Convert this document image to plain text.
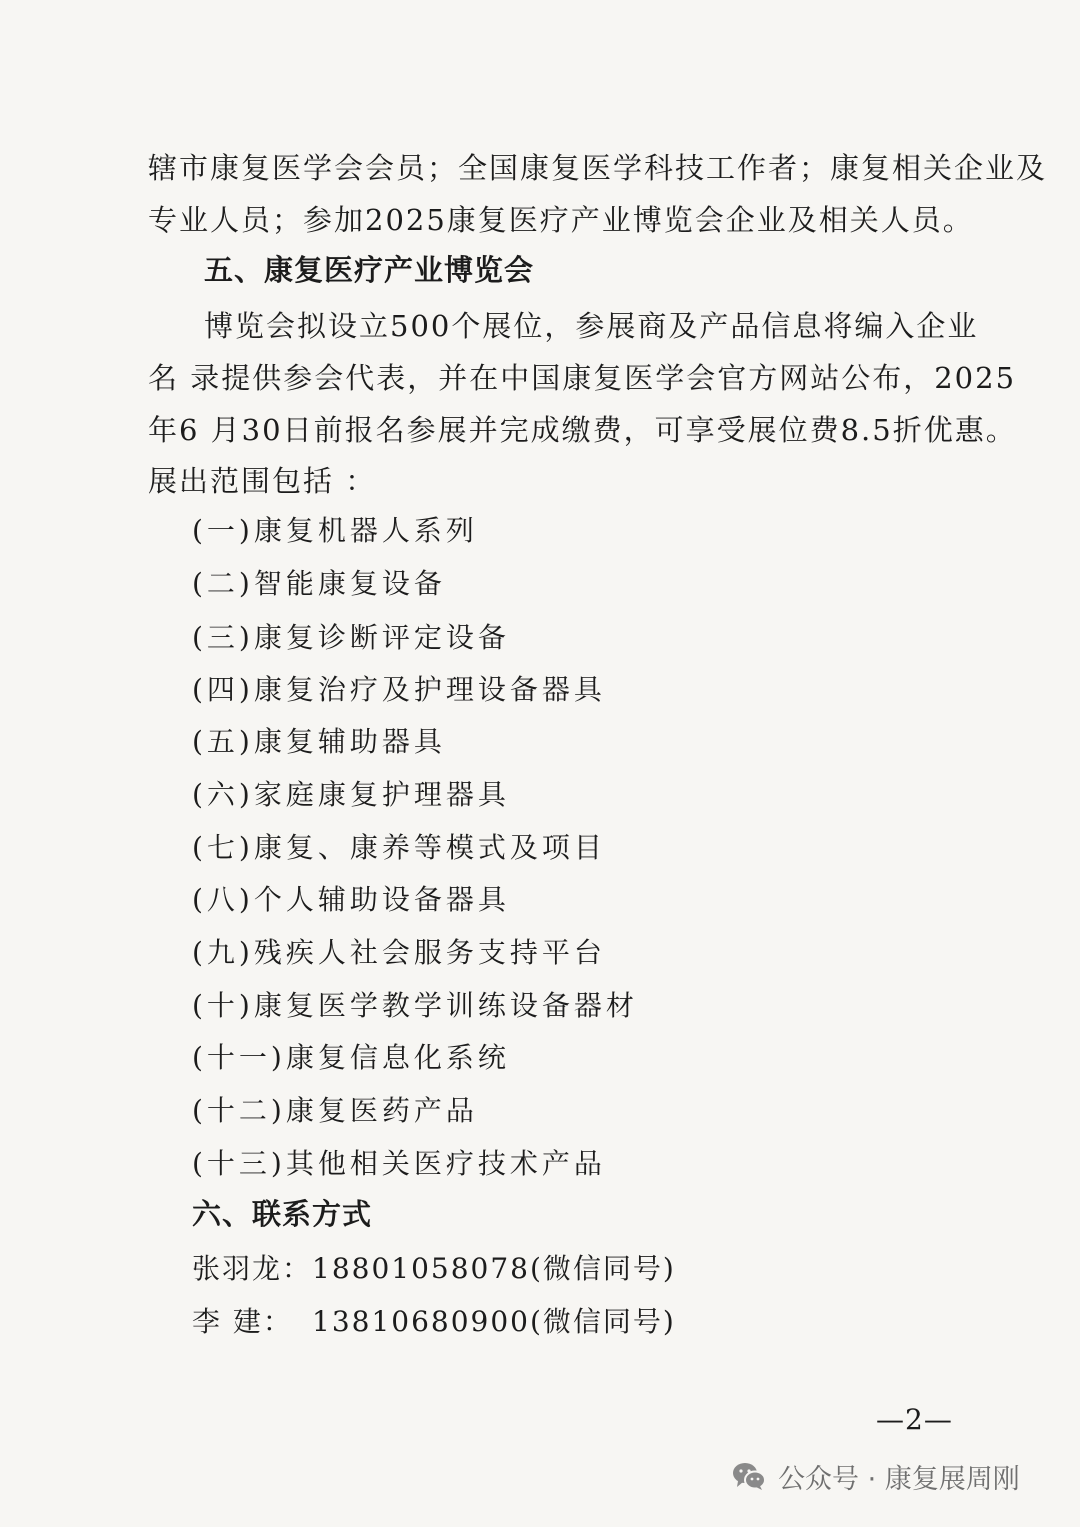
辖市康复医学会会员；全国康复医学科技工作者；康复相关企业及
专业人员；参加2025康复医疗产业博览会企业及相关人员。
五、康复医疗产业博览会
博览会拟设立500个展位，参展商及产品信息将编入企业
名 录提供参会代表，并在中国康复医学会官方网站公布，2025
年6 月30日前报名参展并完成缴费，可享受展位费8.5折优惠。
展出范围包括 ：
(一)康复机器人系列
(二)智能康复设备
(三)康复诊断评定设备
(四)康复治疗及护理设备器具
(五)康复辅助器具
(六)家庭康复护理器具
(七)康复、康养等模式及项目
(八)个人辅助设备器具
(九)残疾人社会服务支持平台
(十)康复医学教学训练设备器材
(十一)康复信息化系统
(十二)康复医药产品
(十三)其他相关医疗技术产品
六、联系方式
张羽龙：18801058078(微信同号)
李 建： 13810680900(微信同号)
—2—
公众号 · 康复展周刚
